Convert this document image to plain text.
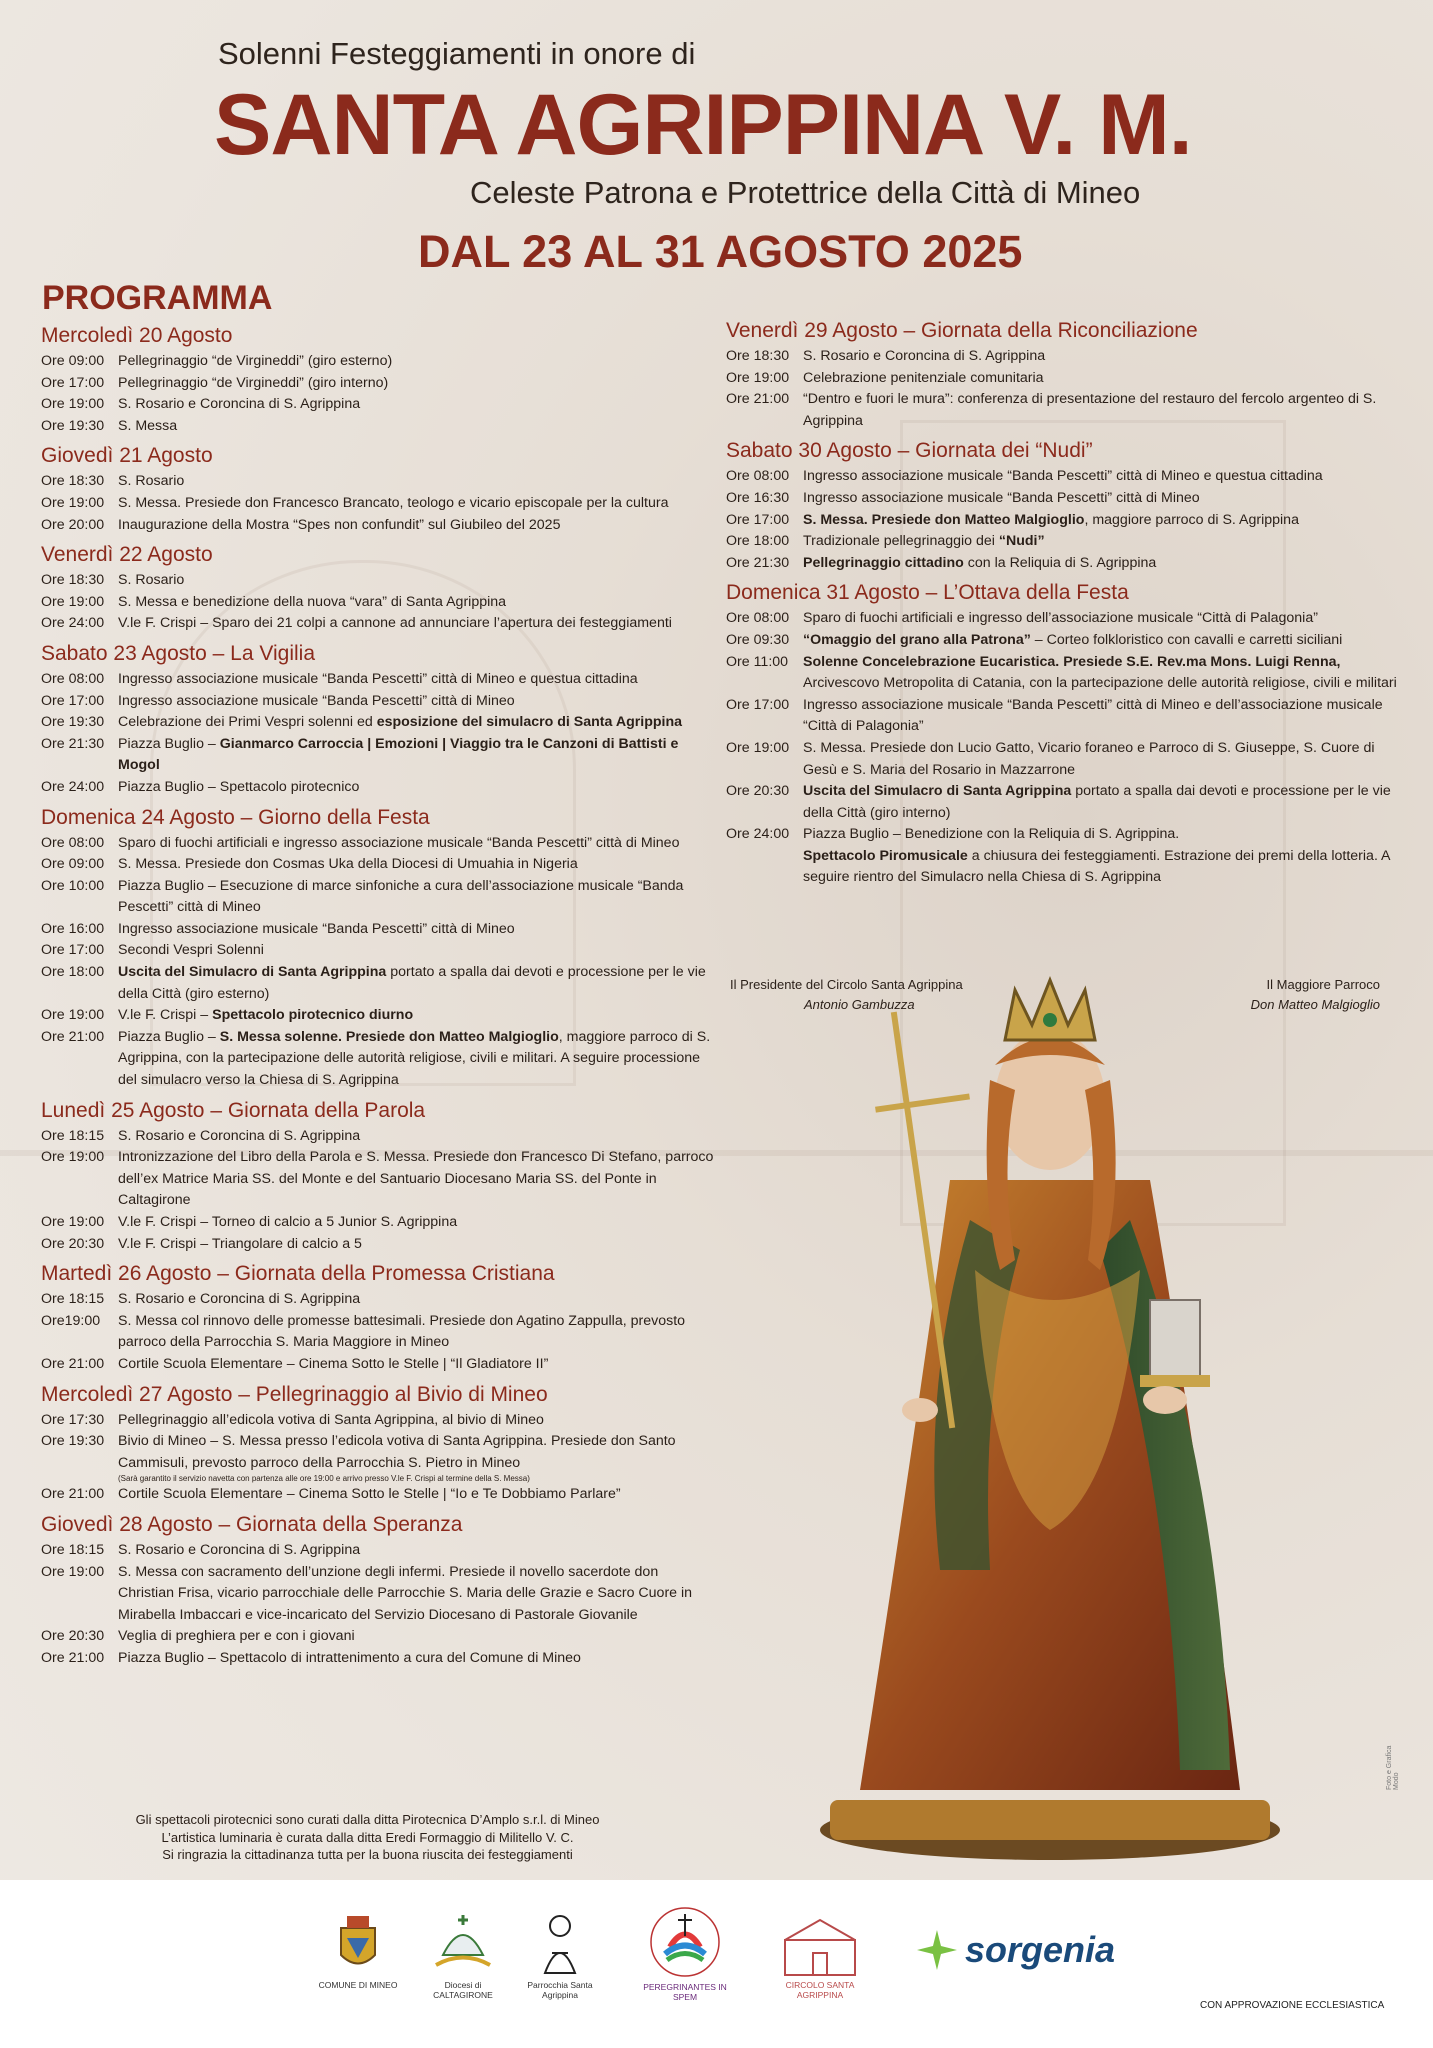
Solenni Festeggiamenti in onore di
SANTA AGRIPPINA V. M.
Celeste Patrona e Protettrice della Città di Mineo
DAL 23 AL 31 AGOSTO 2025
PROGRAMMA
Mercoledì 20 Agosto
Ore 09:00 Pellegrinaggio “de Virgineddi” (giro esterno)
Ore 17:00 Pellegrinaggio “de Virgineddi” (giro interno)
Ore 19:00 S. Rosario e Coroncina di S. Agrippina
Ore 19:30 S. Messa
Giovedì 21 Agosto
Ore 18:30 S. Rosario
Ore 19:00 S. Messa. Presiede don Francesco Brancato, teologo e vicario episcopale per la cultura
Ore 20:00 Inaugurazione della Mostra “Spes non confundit” sul Giubileo del 2025
Venerdì 22 Agosto
Ore 18:30 S. Rosario
Ore 19:00 S. Messa e benedizione della nuova “vara” di Santa Agrippina
Ore 24:00 V.le F. Crispi – Sparo dei 21 colpi a cannone ad annunciare l’apertura dei festeggiamenti
Sabato 23 Agosto – La Vigilia
Ore 08:00 Ingresso associazione musicale “Banda Pescetti” città di Mineo e questua cittadina
Ore 17:00 Ingresso associazione musicale “Banda Pescetti” città di Mineo
Ore 19:30 Celebrazione dei Primi Vespri solenni ed esposizione del simulacro di Santa Agrippina
Ore 21:30 Piazza Buglio – Gianmarco Carroccia | Emozioni | Viaggio tra le Canzoni di Battisti e Mogol
Ore 24:00 Piazza Buglio – Spettacolo pirotecnico
Domenica 24 Agosto – Giorno della Festa
Ore 08:00 Sparo di fuochi artificiali e ingresso associazione musicale “Banda Pescetti” città di Mineo
Ore 09:00 S. Messa. Presiede don Cosmas Uka della Diocesi di Umuahia in Nigeria
Ore 10:00 Piazza Buglio – Esecuzione di marce sinfoniche a cura dell’associazione musicale “Banda Pescetti” città di Mineo
Ore 16:00 Ingresso associazione musicale “Banda Pescetti” città di Mineo
Ore 17:00 Secondi Vespri Solenni
Ore 18:00 Uscita del Simulacro di Santa Agrippina portato a spalla dai devoti e processione per le vie della Città (giro esterno)
Ore 19:00 V.le F. Crispi – Spettacolo pirotecnico diurno
Ore 21:00 Piazza Buglio – S. Messa solenne. Presiede don Matteo Malgioglio, maggiore parroco di S. Agrippina, con la partecipazione delle autorità religiose, civili e militari. A seguire processione del simulacro verso la Chiesa di S. Agrippina
Lunedì 25 Agosto – Giornata della Parola
Ore 18:15 S. Rosario e Coroncina di S. Agrippina
Ore 19:00 Intronizzazione del Libro della Parola e S. Messa. Presiede don Francesco Di Stefano, parroco dell’ex Matrice Maria SS. del Monte e del Santuario Diocesano Maria SS. del Ponte in Caltagirone
Ore 19:00 V.le F. Crispi – Torneo di calcio a 5 Junior S. Agrippina
Ore 20:30 V.le F. Crispi – Triangolare di calcio a 5
Martedì 26 Agosto – Giornata della Promessa Cristiana
Ore 18:15 S. Rosario e Coroncina di S. Agrippina
Ore19:00	S. Messa col rinnovo delle promesse battesimali. Presiede don Agatino Zappulla, prevosto parroco della Parrocchia S. Maria Maggiore in Mineo
Ore 21:00 Cortile Scuola Elementare – Cinema Sotto le Stelle | “Il Gladiatore II”
Mercoledì 27 Agosto – Pellegrinaggio al Bivio di Mineo
Ore 17:30 Pellegrinaggio all’edicola votiva di Santa Agrippina, al bivio di Mineo
Ore 19:30 Bivio di Mineo – S. Messa presso l’edicola votiva di Santa Agrippina. Presiede don Santo Cammisuli, prevosto parroco della Parrocchia S. Pietro in Mineo
(Sarà garantito il servizio navetta con partenza alle ore 19:00 e arrivo presso V.le F. Crispi al termine della S. Messa)
Ore 21:00 Cortile Scuola Elementare – Cinema Sotto le Stelle | “Io e Te Dobbiamo Parlare”
Giovedì 28 Agosto – Giornata della Speranza
Ore 18:15 S. Rosario e Coroncina di S. Agrippina
Ore 19:00 S. Messa con sacramento dell’unzione degli infermi. Presiede il novello sacerdote don Christian Frisa, vicario parrocchiale delle Parrocchie S. Maria delle Grazie e Sacro Cuore in Mirabella Imbaccari e vice-incaricato del Servizio Diocesano di Pastorale Giovanile
Ore 20:30 Veglia di preghiera per e con i giovani
Ore 21:00 Piazza Buglio – Spettacolo di intrattenimento a cura del Comune di Mineo
Venerdì 29 Agosto – Giornata della Riconciliazione
Ore 18:30 S. Rosario e Coroncina di S. Agrippina
Ore 19:00 Celebrazione penitenziale comunitaria
Ore 21:00 “Dentro e fuori le mura”: conferenza di presentazione del restauro del fercolo argenteo di S. Agrippina
Sabato 30 Agosto – Giornata dei “Nudi”
Ore 08:00 Ingresso associazione musicale “Banda Pescetti” città di Mineo e questua cittadina
Ore 16:30 Ingresso associazione musicale “Banda Pescetti” città di Mineo
Ore 17:00 S. Messa. Presiede don Matteo Malgioglio, maggiore parroco di S. Agrippina
Ore 18:00 Tradizionale pellegrinaggio dei “Nudi”
Ore 21:30 Pellegrinaggio cittadino con la Reliquia di S. Agrippina
Domenica 31 Agosto – L’Ottava della Festa
Ore 08:00 Sparo di fuochi artificiali e ingresso dell’associazione musicale “Città di Palagonia”
Ore 09:30 “Omaggio del grano alla Patrona” – Corteo folkloristico con cavalli e carretti siciliani
Ore 11:00	Solenne Concelebrazione Eucaristica. Presiede S.E. Rev.ma Mons. Luigi Renna, Arcivescovo Metropolita di Catania, con la partecipazione delle autorità religiose, civili e militari
Ore 17:00 Ingresso associazione musicale “Banda Pescetti” città di Mineo e dell’associazione musicale “Città di Palagonia”
Ore 19:00 S. Messa. Presiede don Lucio Gatto, Vicario foraneo e Parroco di S. Giuseppe, S. Cuore di Gesù e S. Maria del Rosario in Mazzarrone
Ore 20:30 Uscita del Simulacro di Santa Agrippina portato a spalla dai devoti e processione per le vie della Città (giro interno)
Ore 24:00 Piazza Buglio – Benedizione con la Reliquia di S. Agrippina.
Spettacolo Piromusicale a chiusura dei festeggiamenti. Estrazione dei premi della lotteria. A seguire rientro del Simulacro nella Chiesa di S. Agrippina
Il Presidente del Circolo Santa Agrippina
Antonio Gambuzza
Il Maggiore Parroco
Don Matteo Malgioglio
Gli spettacoli pirotecnici sono curati dalla ditta Pirotecnica D’Amplo s.r.l. di Mineo
L’artistica luminaria è curata dalla ditta Eredi Formaggio di Militello V. C.
Si ringrazia la cittadinanza tutta per la buona riuscita dei festeggiamenti
Foto e Grafica Modo
COMUNE DI MINEO	Diocesi di CALTAGIRONE
Parrocchia Santa Agrippina
PEREGRINANTES IN SPEM
CIRCOLO SANTA AGRIPPINA
sorgenia
CON APPROVAZIONE ECCLESIASTICA
